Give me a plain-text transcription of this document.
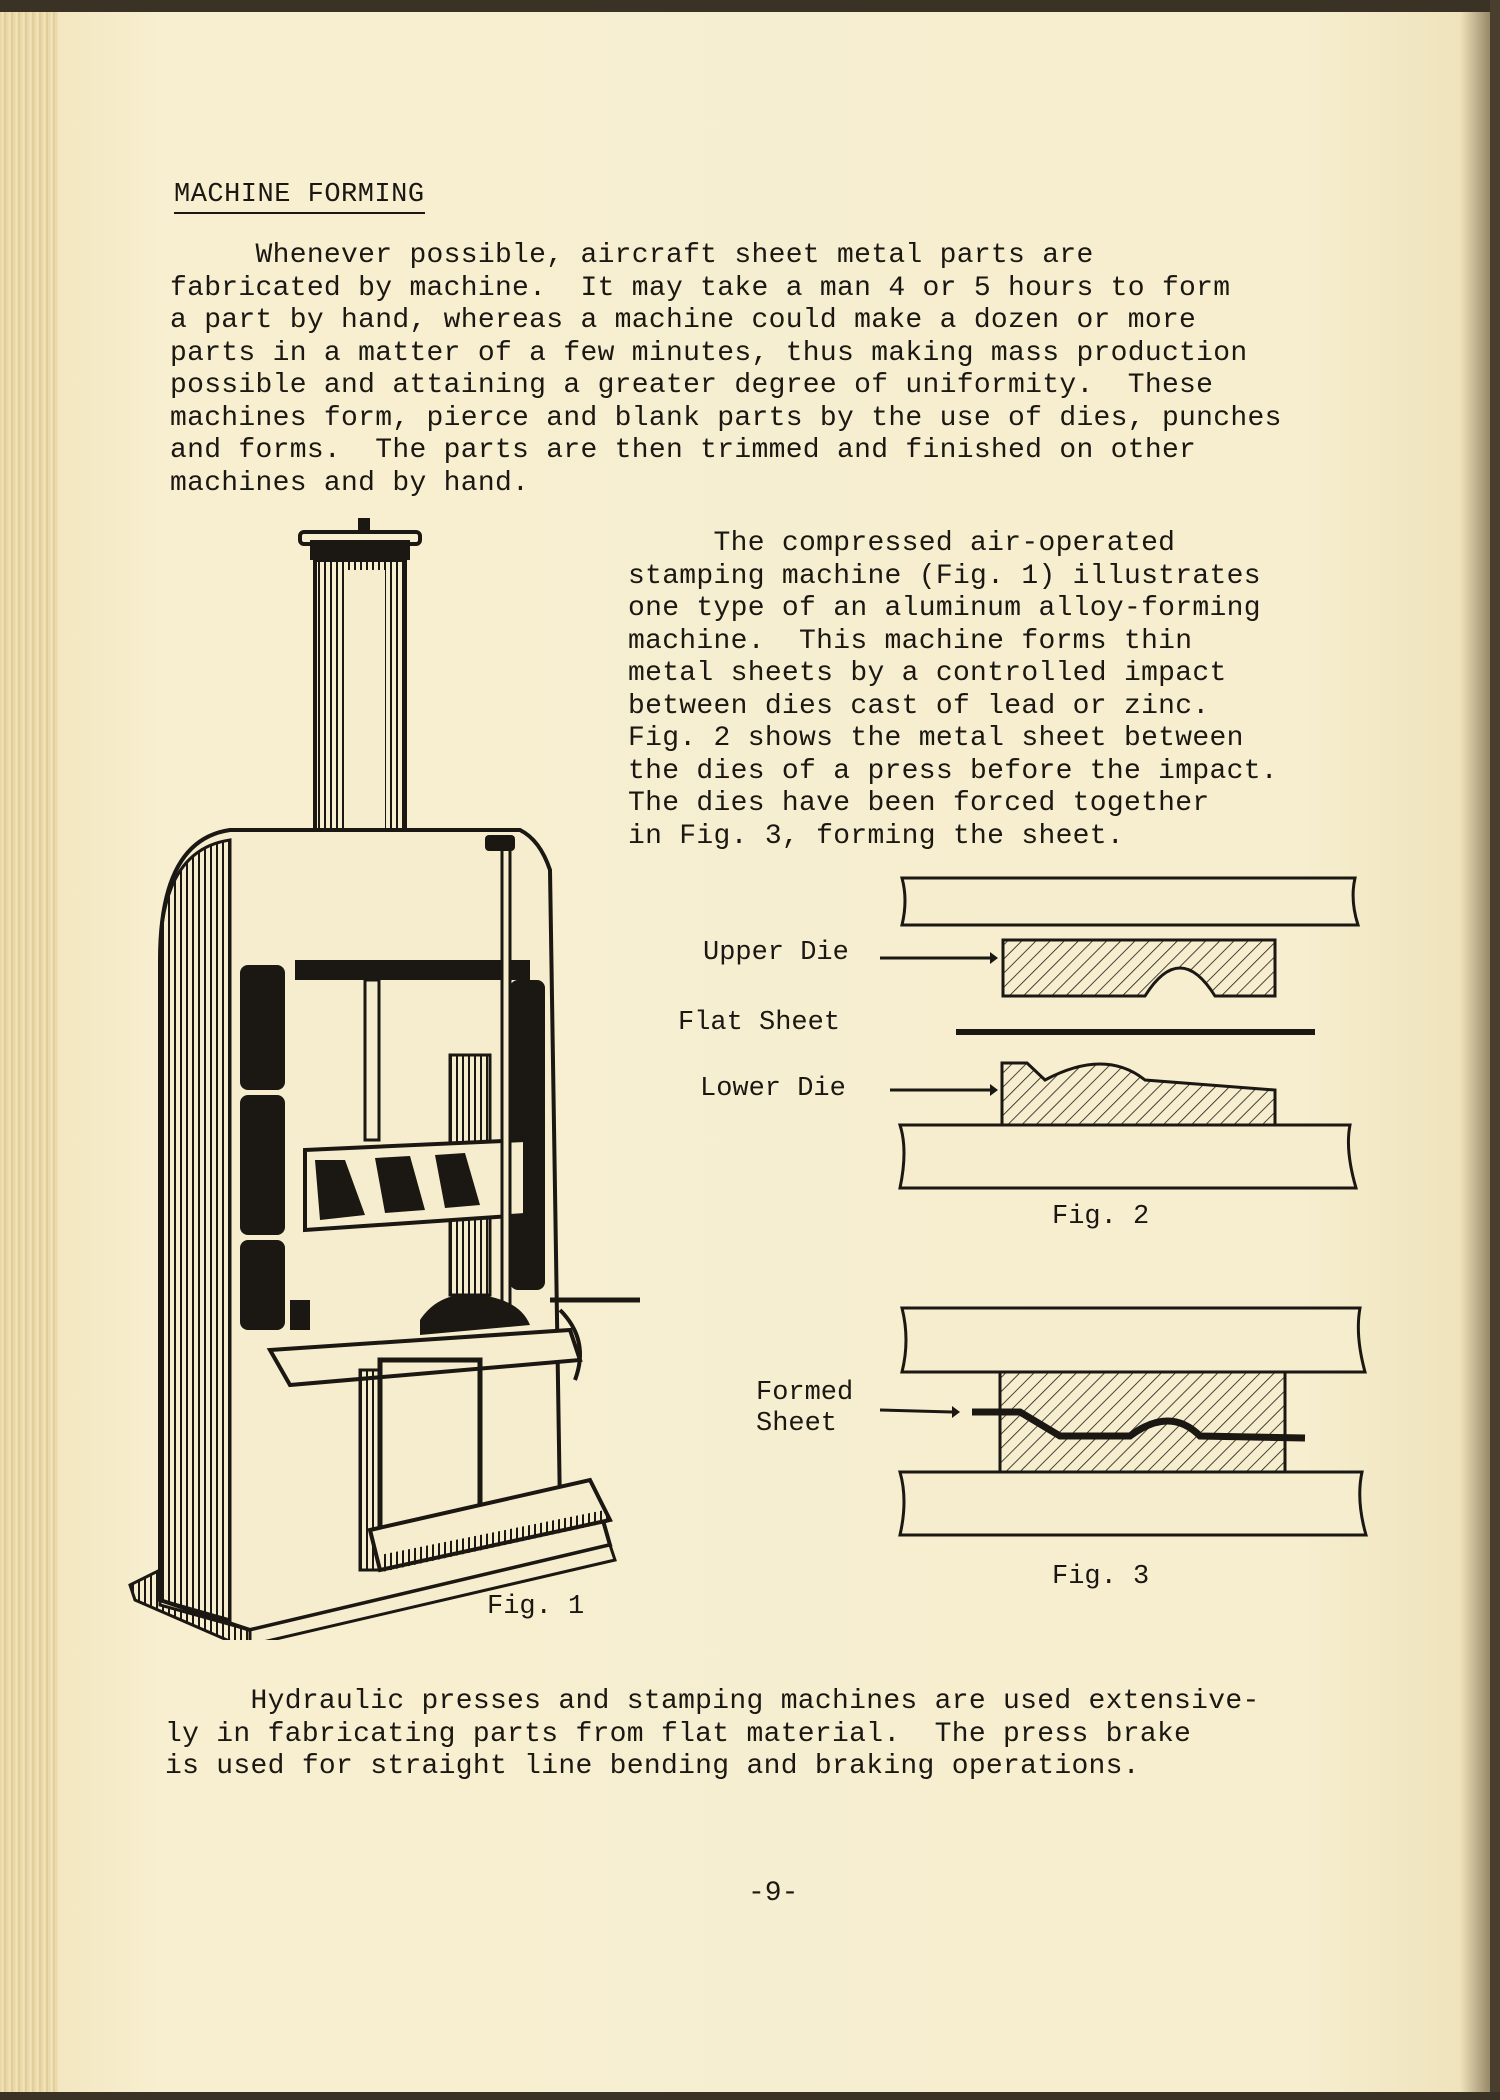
MACHINE FORMING
Whenever possible, aircraft sheet metal parts are
fabricated by machine.  It may take a man 4 or 5 hours to form
a part by hand, whereas a machine could make a dozen or more
parts in a matter of a few minutes, thus making mass production
possible and attaining a greater degree of uniformity.  These
machines form, pierce and blank parts by the use of dies, punches
and forms.  The parts are then trimmed and finished on other
machines and by hand.
The compressed air-operated
stamping machine (Fig. 1) illustrates
one type of an aluminum alloy-forming
machine.  This machine forms thin
metal sheets by a controlled impact
between dies cast of lead or zinc.
Fig. 2 shows the metal sheet between
the dies of a press before the impact.
The dies have been forced together
in Fig. 3, forming the sheet.
Fig. 1
Upper Die
Flat Sheet
Lower Die
Fig. 2
Formed
Sheet
Fig. 3
Hydraulic presses and stamping machines are used extensive-
ly in fabricating parts from flat material.  The press brake
is used for straight line bending and braking operations.
-9-
